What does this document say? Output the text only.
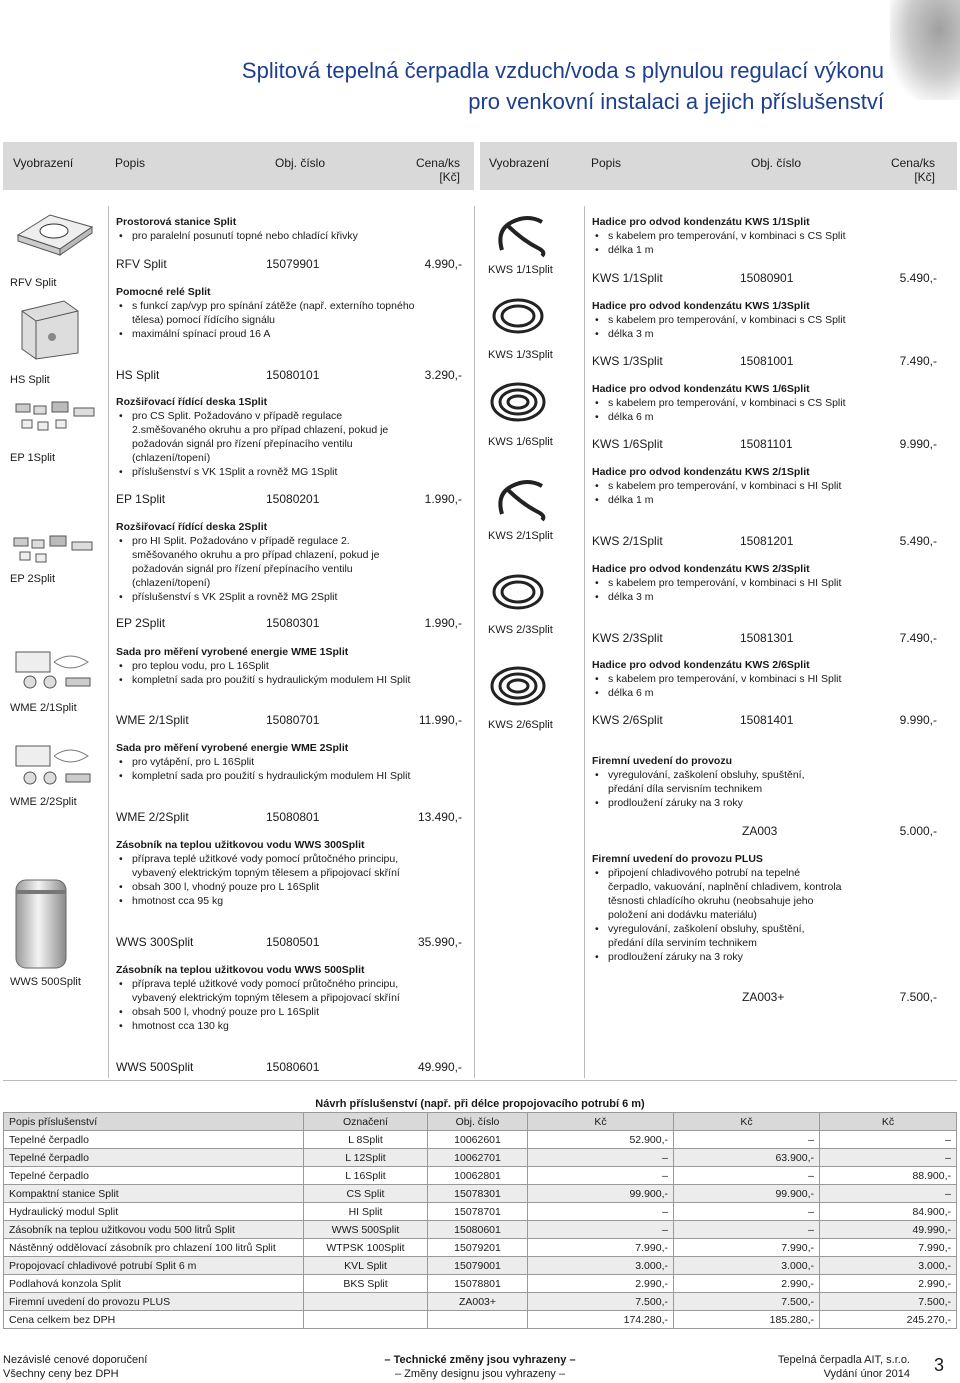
Splitová tepelná čerpadla vzduch/voda s plynulou regulací výkonu
pro venkovní instalaci a jejich příslušenství
Vyobrazení	Popis	Obj. číslo	Cena/ks
[Kč]
Vyobrazení	Popis	Obj. číslo	Cena/ks
[Kč]
RFV Split
HS Split
EP 1Split
EP 2Split
WME 2/1Split
WME 2/2Split
WWS 500Split
Prostorová stanice Split
• pro paralelní posunutí topné nebo chladící křivky
RFV Split	15079901	4.990,-
Pomocné relé Split
• s funkcí zap/vyp pro spínání zátěže (např. externího topného tělesa) pomocí řídícího signálu
• maximální spínací proud 16 A
HS Split	15080101	3.290,-
Rozšiřovací řídící deska 1Split
• pro CS Split. Požadováno v případě regulace 2.směšovaného okruhu a pro případ chlazení, pokud je požadován signál pro řízení přepínacího ventilu (chlazení/topení)
• příslušenství s VK 1Split a rovněž MG 1Split
EP 1Split	15080201	1.990,-
Rozšiřovací řídící deska 2Split
• pro HI Split. Požadováno v případě regulace 2. směšovaného okruhu a pro případ chlazení, pokud je požadován signál pro řízení přepínacího ventilu (chlazení/topení)
• příslušenství s VK 2Split a rovněž MG 2Split
EP 2Split	15080301	1.990,-
Sada pro měření vyrobené energie WME 1Split
• pro teplou vodu, pro L 16Split
• kompletní sada pro použití s hydraulickým modulem HI Split
WME 2/1Split	15080701	11.990,-
Sada pro měření vyrobené energie WME 2Split
• pro vytápění, pro L 16Split
• kompletní sada pro použití s hydraulickým modulem HI Split
WME 2/2Split	15080801	13.490,-
Zásobník na teplou užitkovou vodu WWS 300Split
• příprava teplé užitkové vody pomocí průtočného principu, vybavený elektrickým topným tělesem a připojovací skříní
• obsah 300 l, vhodný pouze pro L 16Split
• hmotnost cca 95 kg
WWS 300Split	15080501	35.990,-
Zásobník na teplou užitkovou vodu WWS 500Split
• příprava teplé užitkové vody pomocí průtočného principu, vybavený elektrickým topným tělesem a připojovací skříní
• obsah 500 l, vhodný pouze pro L 16Split
• hmotnost cca 130 kg
WWS 500Split	15080601	49.990,-
KWS 1/1Split
KWS 1/3Split
KWS 1/6Split
KWS 2/1Split
KWS 2/3Split
KWS 2/6Split
Hadice pro odvod kondenzátu KWS 1/1Split
• s kabelem pro temperování, v kombinaci s CS Split
• délka 1 m
KWS 1/1Split	15080901	5.490,-
Hadice pro odvod kondenzátu KWS 1/3Split
• s kabelem pro temperování, v kombinaci s CS Split
• délka 3 m
KWS 1/3Split	15081001	7.490,-
Hadice pro odvod kondenzátu KWS 1/6Split
• s kabelem pro temperování, v kombinaci s CS Split
• délka 6 m
KWS 1/6Split	15081101	9.990,-
Hadice pro odvod kondenzátu KWS 2/1Split
• s kabelem pro temperování, v kombinaci s HI Split
• délka 1 m
KWS 2/1Split	15081201	5.490,-
Hadice pro odvod kondenzátu KWS 2/3Split
• s kabelem pro temperování, v kombinaci s HI Split
• délka 3 m
KWS 2/3Split	15081301	7.490,-
Hadice pro odvod kondenzátu KWS 2/6Split
• s kabelem pro temperování, v kombinaci s HI Split
• délka 6 m
KWS 2/6Split	15081401	9.990,-
Firemní uvedení do provozu
• vyregulování, zaškolení obsluhy, spuštění, předání díla servisním technikem
• prodloužení záruky na 3 roky
ZA003	5.000,-
Firemní uvedení do provozu PLUS
• připojení chladivového potrubí na tepelné čerpadlo, vakuování, naplnění chladivem, kontrola těsnosti chladícího okruhu (neobsahuje jeho položení ani dodávku materiálu)
• vyregulování, zaškolení obsluhy, spuštění, předání díla serviním technikem
• prodloužení záruky na 3 roky
ZA003+	7.500,-
Návrh příslušenství (např. při délce propojovacího potrubí 6 m)
Popis příslušenství	Označení	Obj. číslo	Kč	Kč	Kč
Tepelné čerpadlo	L 8Split	10062601	52.900,-	–	–
Tepelné čerpadlo	L 12Split	10062701	–	63.900,-	–
Tepelné čerpadlo	L 16Split	10062801	–	–	88.900,-
Kompaktní stanice Split	CS Split	15078301	99.900,-	99.900,-	–
Hydraulický modul Split	HI Split	15078701	–	–	84.900,-
Zásobník na teplou užitkovou vodu 500 litrů Split	WWS 500Split	15080601	–	–	49.990,-
Nástěnný oddělovací zásobník pro chlazení 100 litrů Split	WTPSK 100Split	15079201	7.990,-	7.990,-	7.990,-
Propojovací chladivové potrubí Split 6 m	KVL Split	15079001	3.000,-	3.000,-	3.000,-
Podlahová konzola Split	BKS Split	15078801	2.990,-	2.990,-	2.990,-
Firemní uvedení do provozu PLUS		ZA003+	7.500,-	7.500,-	7.500,-
Cena celkem bez DPH			174.280,-	185.280,-	245.270,-
Nezávislé cenové doporučení
Všechny ceny bez DPH
– Technické změny jsou vyhrazeny –
– Změny designu jsou vyhrazeny –
Tepelná čerpadla AIT, s.r.o.
Vydání únor 2014 3
